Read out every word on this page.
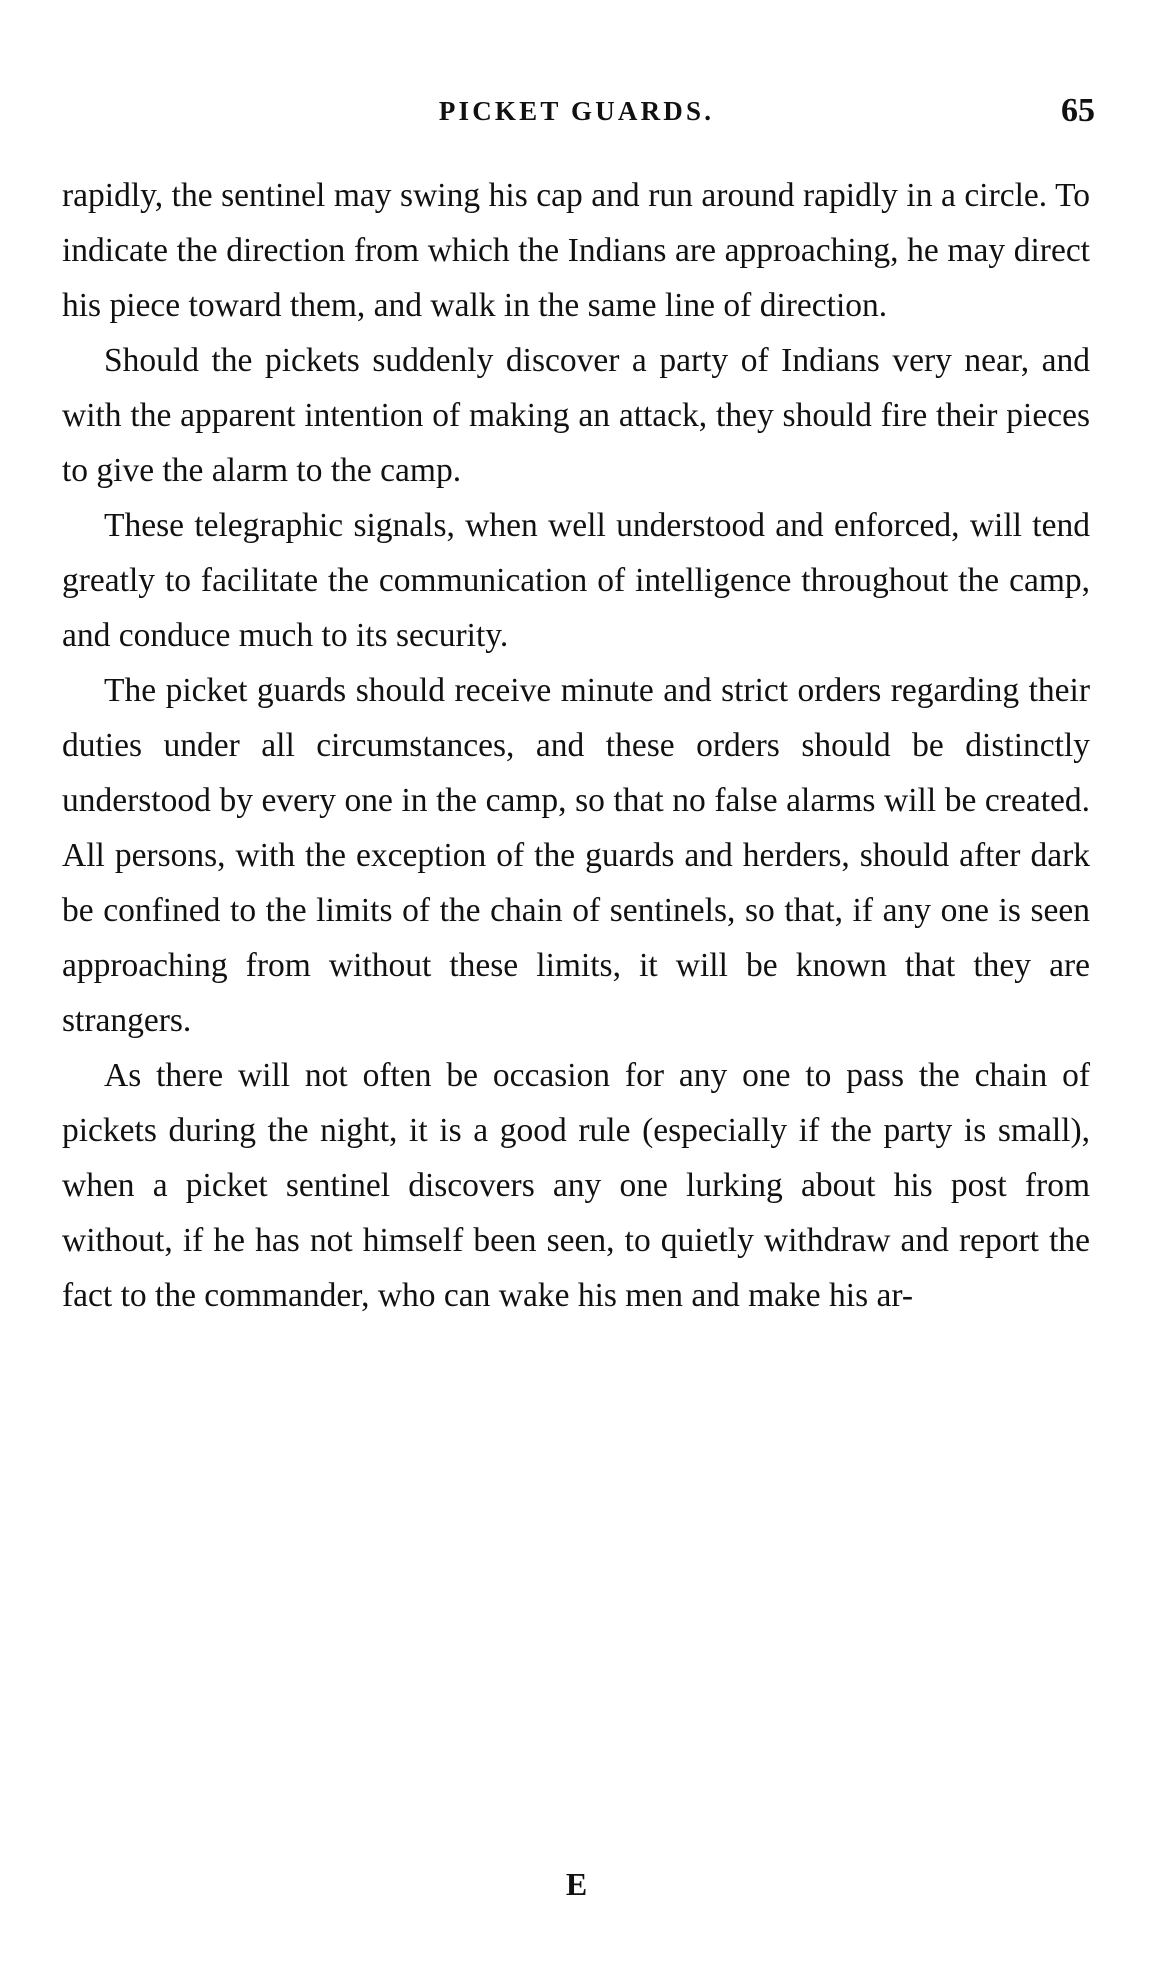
PICKET GUARDS.	65

rapidly, the sentinel may swing his cap and run around rapidly in a circle. To indicate the direction from which the Indians are approaching, he may direct his piece toward them, and walk in the same line of direction.

Should the pickets suddenly discover a party of Indians very near, and with the apparent intention of making an attack, they should fire their pieces to give the alarm to the camp.

These telegraphic signals, when well understood and enforced, will tend greatly to facilitate the communication of intelligence throughout the camp, and conduce much to its security.

The picket guards should receive minute and strict orders regarding their duties under all circumstances, and these orders should be distinctly understood by every one in the camp, so that no false alarms will be created. All persons, with the exception of the guards and herders, should after dark be confined to the limits of the chain of sentinels, so that, if any one is seen approaching from without these limits, it will be known that they are strangers.

As there will not often be occasion for any one to pass the chain of pickets during the night, it is a good rule (especially if the party is small), when a picket sentinel discovers any one lurking about his post from without, if he has not himself been seen, to quietly withdraw and report the fact to the commander, who can wake his men and make his ar-

E
